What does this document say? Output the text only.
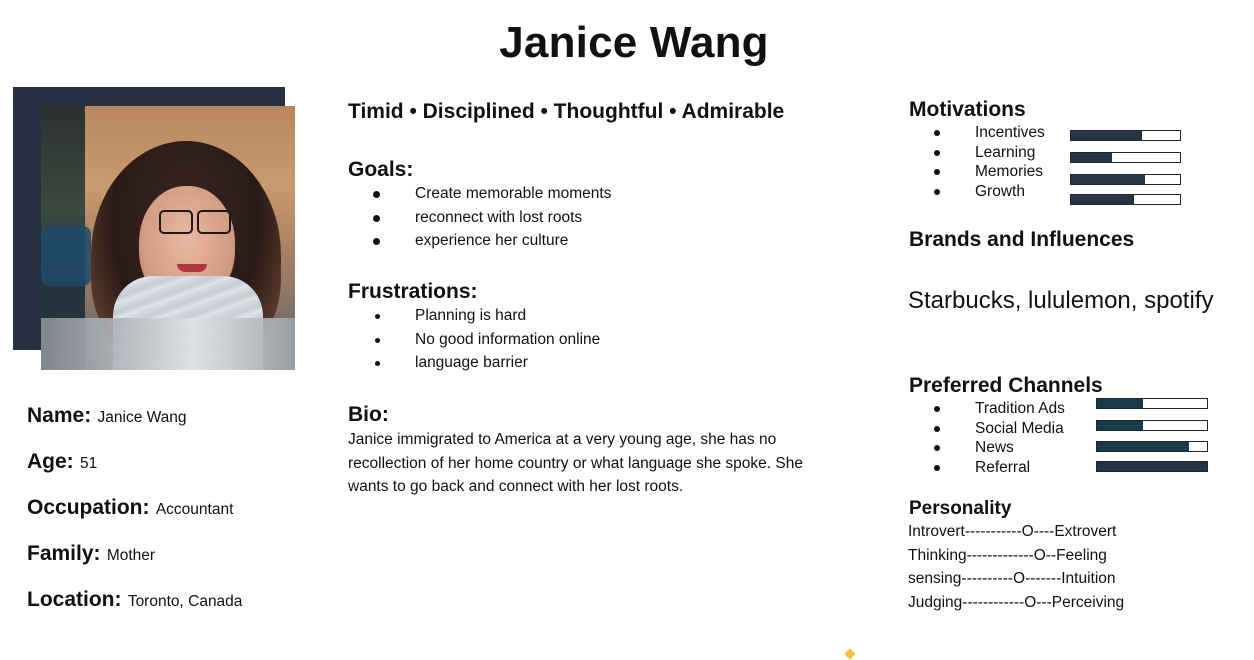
Janice Wang
Name: Janice Wang
Age: 51
Occupation: Accountant
Family: Mother
Location: Toronto, Canada
Timid • Disciplined • Thoughtful • Admirable
Goals:
Create memorable moments
reconnect with lost roots
experience her culture
Frustrations:
Planning is hard
No good information online
language barrier
Bio:
Janice immigrated to America at a very young age, she has no recollection of her home country or what language she spoke. She wants to go back and connect with her lost roots.
Motivations
Incentives
Learning
Memories
Growth
Brands and Influences
Starbucks, lululemon, spotify
Preferred Channels
Tradition Ads
Social Media
News
Referral
Personality
Introvert-----------O----Extrovert
Thinking-------------O--Feeling
sensing----------O-------Intuition
Judging------------O---Perceiving
